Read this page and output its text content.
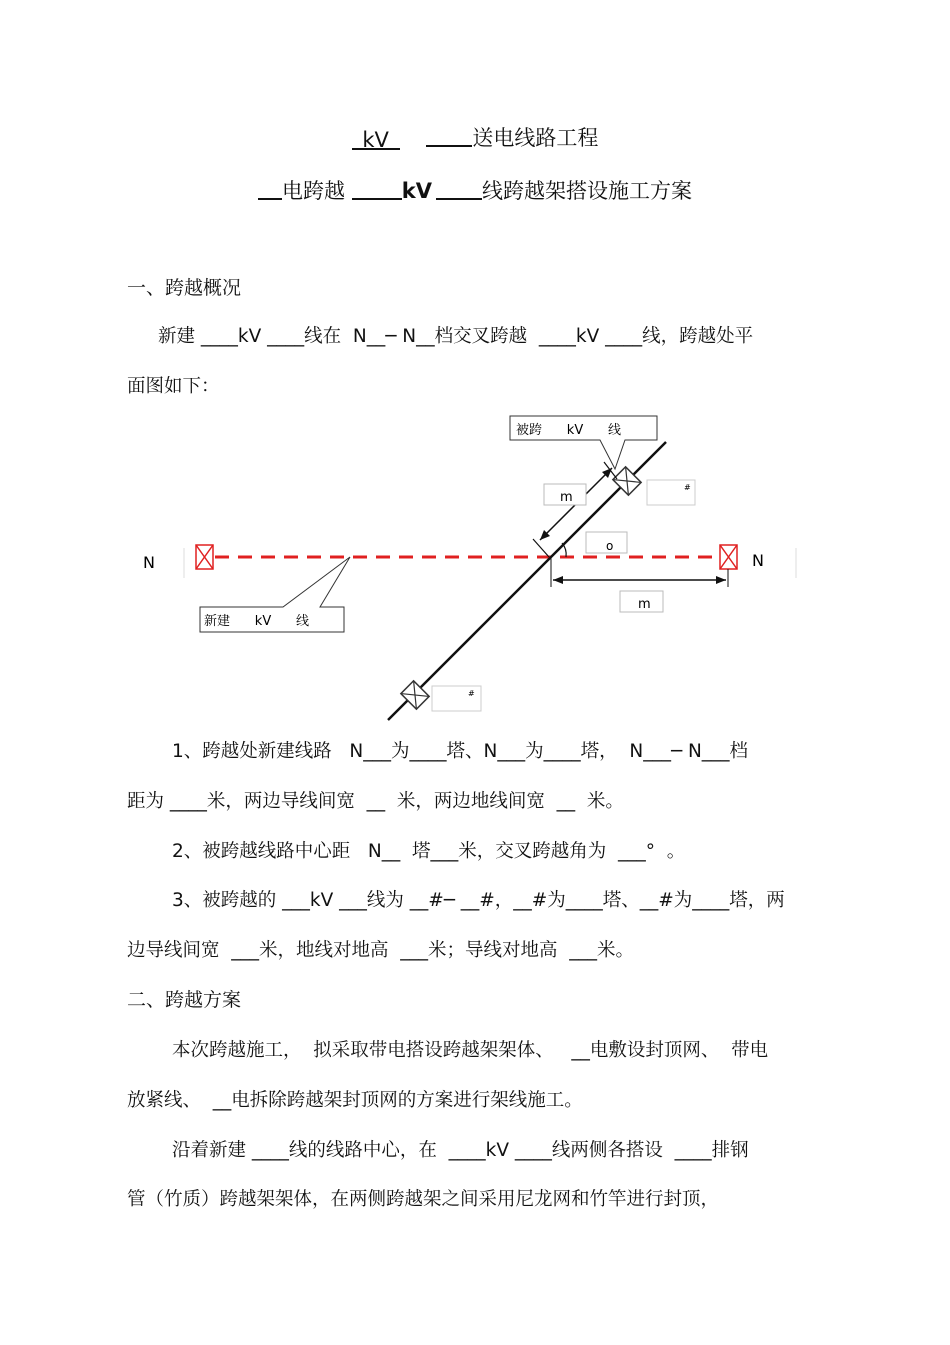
kV	送电线路工程
电跨越	kV 线跨越架搭设施工方案
一、跨越概况
新建 ____kV ____线在  N__─ N__档交叉跨越  ____kV ____线，跨越处平
面图如下：
N	N
被跨      kV      线
新建      kV      线
m
#
o
m
#
1、跨越处新建线路   N___为____塔、N___为____塔，  N___─ N___档
距为 ____米，两边导线间宽  __  米，两边地线间宽  __  米。
2、被跨越线路中心距   N__  塔___米，交叉跨越角为  ___°  。
3、被跨越的 ___kV ___线为 __#─ __#，__#为____塔、__#为____塔，两
边导线间宽  ___米，地线对地高  ___米；导线对地高  ___米。
二、跨越方案
本次跨越施工，  拟采取带电搭设跨越架架体、   __电敷设封顶网、  带电
放紧线、  __电拆除跨越架封顶网的方案进行架线施工。
沿着新建 ____线的线路中心，在  ____kV ____线两侧各搭设  ____排钢
管（竹质）跨越架架体，在两侧跨越架之间采用尼龙网和竹竿进行封顶，
